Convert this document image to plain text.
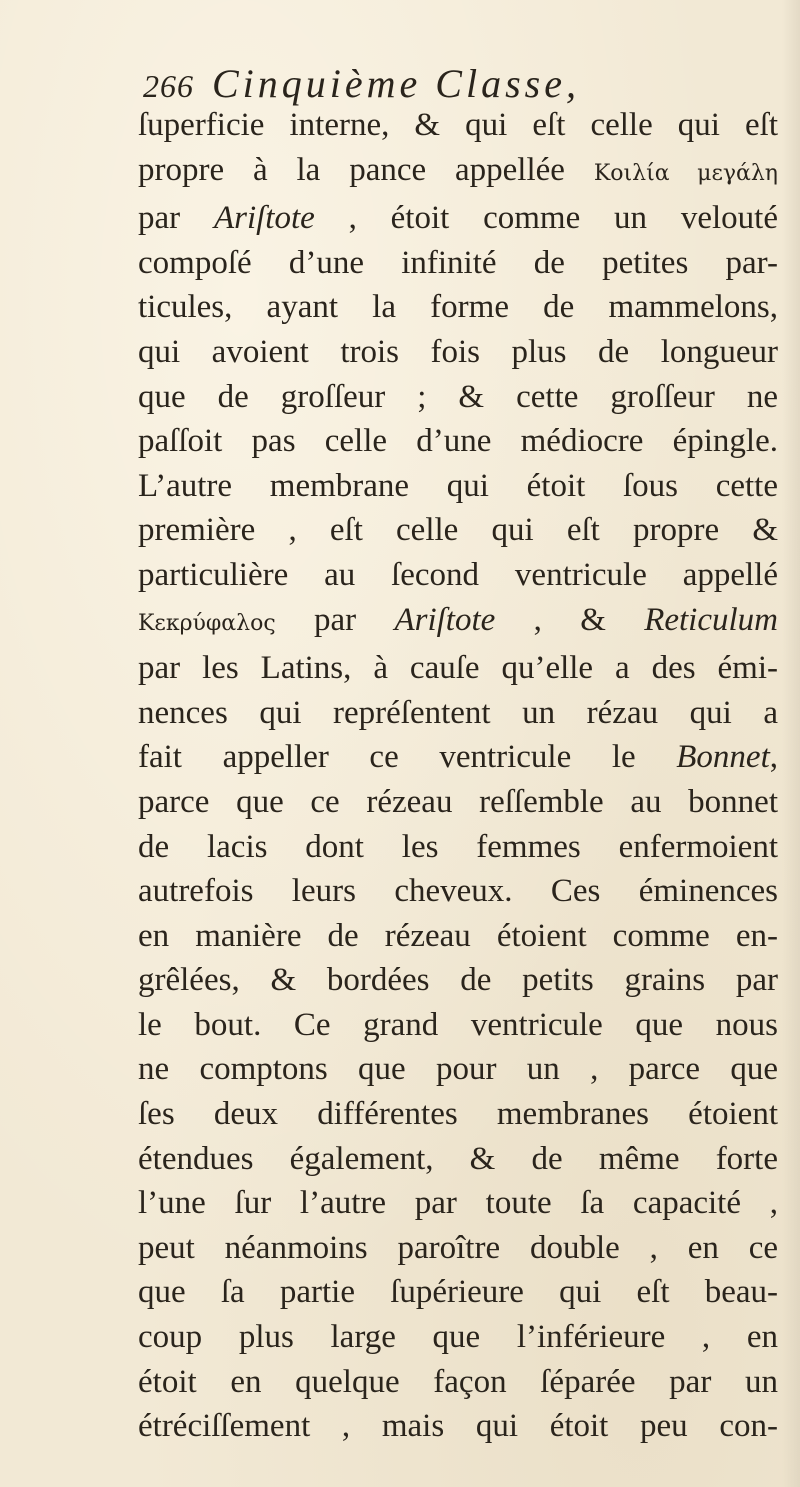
266 Cinquième Classe,
ſuperficie interne, & qui eſt celle qui eſt
propre à la pance appellée Κοιλία μεγάλη
par Ariſtote , étoit comme un velouté
compoſé d’une infinité de petites par-
ticules, ayant la forme de mammelons,
qui avoient trois fois plus de longueur
que de groſſeur ; & cette groſſeur ne
paſſoit pas celle d’une médiocre épingle.
L’autre membrane qui étoit ſous cette
première , eſt celle qui eſt propre &
particulière au ſecond ventricule appellé
Κεκρύφαλος par Ariſtote , & Reticulum
par les Latins, à cauſe qu’elle a des émi-
nences qui repréſentent un rézau qui a
fait appeller ce ventricule le Bonnet,
parce que ce rézeau reſſemble au bonnet
de lacis dont les femmes enfermoient
autrefois leurs cheveux. Ces éminences
en manière de rézeau étoient comme en-
grêlées, & bordées de petits grains par
le bout. Ce grand ventricule que nous
ne comptons que pour un , parce que
ſes deux différentes membranes étoient
étendues également, & de même forte
l’une ſur l’autre par toute ſa capacité ,
peut néanmoins paroître double , en ce
que ſa partie ſupérieure qui eſt beau-
coup plus large que l’inférieure , en
étoit en quelque façon ſéparée par un
étréciſſement , mais qui étoit peu con-
